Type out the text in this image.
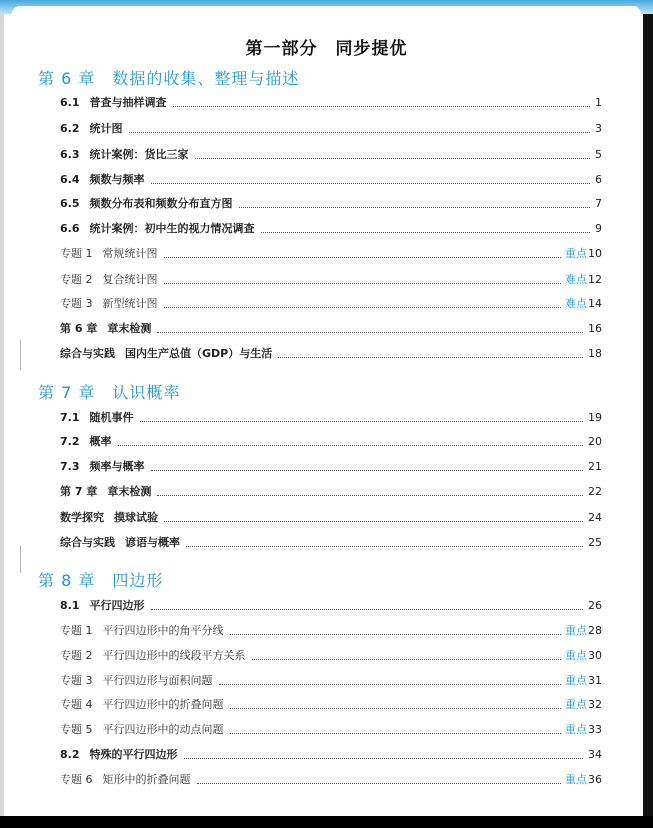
第一部分　同步提优
第 6 章　数据的收集、整理与描述
6.1 普查与抽样调查	1
6.2 统计图	3
6.3 统计案例：货比三家	5
6.4 频数与频率	6
6.5 频数分布表和频数分布直方图	7
6.6 统计案例：初中生的视力情况调查	9
专题 1 常规统计图	重点 10
专题 2 复合统计图	难点 12
专题 3 新型统计图	难点 14
第 6 章 章末检测	16
综合与实践 国内生产总值（GDP）与生活	18
第 7 章　认识概率
7.1 随机事件	19
7.2 概率	20
7.3 频率与概率	21
第 7 章 章末检测	22
数学探究 摸球试验	24
综合与实践 谚语与概率	25
第 8 章　四边形
8.1 平行四边形	26
专题 1 平行四边形中的角平分线	重点 28
专题 2 平行四边形中的线段平方关系	重点 30
专题 3 平行四边形与面积问题	重点 31
专题 4 平行四边形中的折叠问题	重点 32
专题 5 平行四边形中的动点问题	重点 33
8.2 特殊的平行四边形	34
专题 6 矩形中的折叠问题	重点 36
